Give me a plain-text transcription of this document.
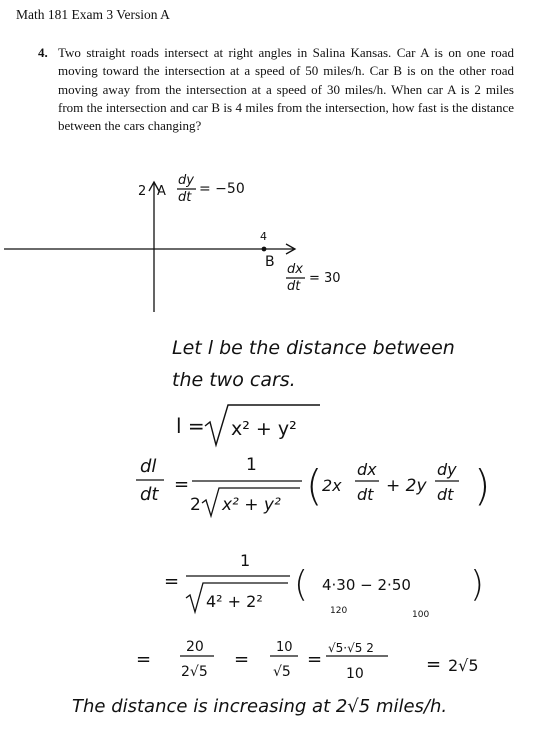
Math 181 Exam 3 Version A
4. Two straight roads intersect at right angles in Salina Kansas. Car A is on one road moving toward the intersection at a speed of 50 miles/h. Car B is on the other road moving away from the intersection at a speed of 30 miles/h. When car A is 2 miles from the intersection and car B is 4 miles from the intersection, how fast is the distance between the cars changing?

2 A
dy
dt
= −50
4
B dx
dt
= 30
Let l be the distance between
the two cars.
l = x² + y²
dl
dt =
1
2 x² + y² ( 2x
dx
dt + 2y
dy
dt )
=
1
4² + 2² ( 4·30 − 2·50 )
120	100
=
20
2√5
=
10
√5
=
√5·√5 2
10	= 2√5
The distance is increasing at 2√5 miles/h.
